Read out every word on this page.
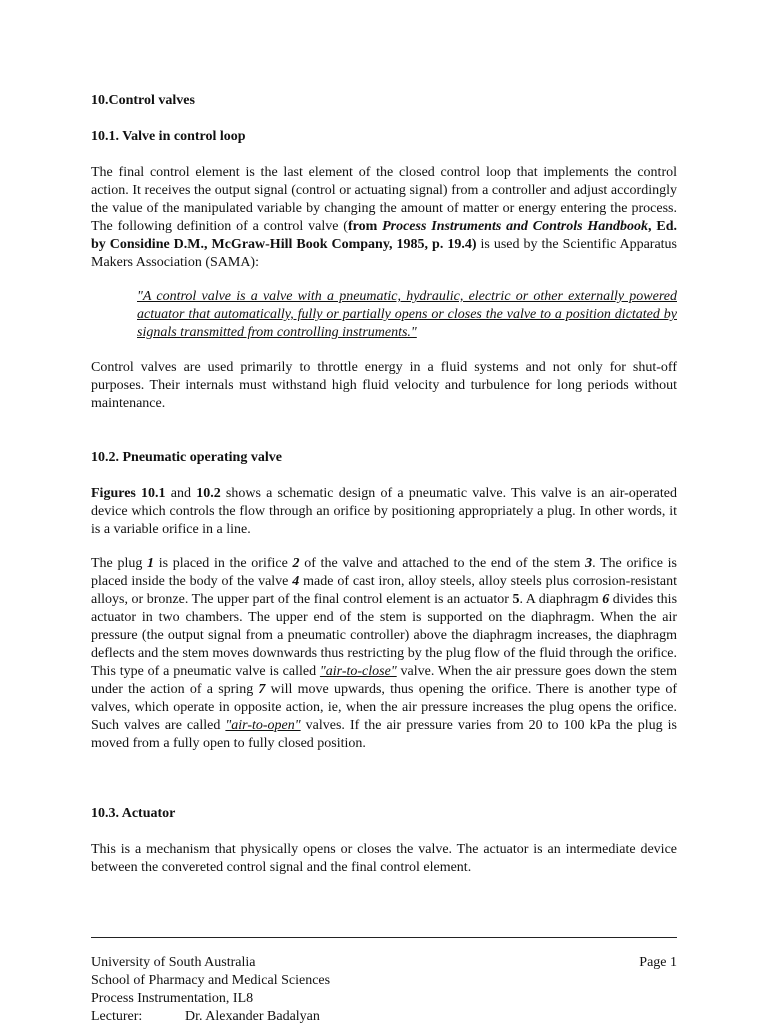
10.Control valves
10.1. Valve in control loop
The final control element is the last element of the closed control loop that implements the control action. It receives the output signal (control or actuating signal) from a controller and adjust accordingly the value of the manipulated variable by changing the amount of matter or energy entering the process. The following definition of a control valve (from Process Instruments and Controls Handbook, Ed. by Considine D.M., McGraw-Hill Book Company, 1985, p. 19.4) is used by the Scientific Apparatus Makers Association (SAMA):
"A control valve is a valve with a pneumatic, hydraulic, electric or other externally powered actuator that automatically, fully or partially opens or closes the valve to a position dictated by signals transmitted from controlling instruments."
Control valves are used primarily to throttle energy in a fluid systems and not only for shut-off purposes. Their internals must withstand high fluid velocity and turbulence for long periods without maintenance.
10.2. Pneumatic operating valve
Figures 10.1 and 10.2 shows a schematic design of a pneumatic valve. This valve is an air-operated device which controls the flow through an orifice by positioning appropriately a plug. In other words, it is a variable orifice in a line.
The plug 1 is placed in the orifice 2 of the valve and attached to the end of the stem 3. The orifice is placed inside the body of the valve 4 made of cast iron, alloy steels, alloy steels plus corrosion-resistant alloys, or bronze. The upper part of the final control element is an actuator 5. A diaphragm 6 divides this actuator in two chambers. The upper end of the stem is supported on the diaphragm. When the air pressure (the output signal from a pneumatic controller) above the diaphragm increases, the diaphragm deflects and the stem moves downwards thus restricting by the plug flow of the fluid through the orifice. This type of a pneumatic valve is called "air-to-close" valve. When the air pressure goes down the stem under the action of a spring 7 will move upwards, thus opening the orifice. There is another type of valves, which operate in opposite action, ie, when the air pressure increases the plug opens the orifice. Such valves are called "air-to-open" valves. If the air pressure varies from 20 to 100 kPa the plug is moved from a fully open to fully closed position.
10.3. Actuator
This is a mechanism that physically opens or closes the valve. The actuator is an intermediate device between the convereted control signal and the final control element.
University of South Australia	Page 1
School of Pharmacy and Medical Sciences
Process Instrumentation, IL8
Lecturer:	Dr. Alexander Badalyan
